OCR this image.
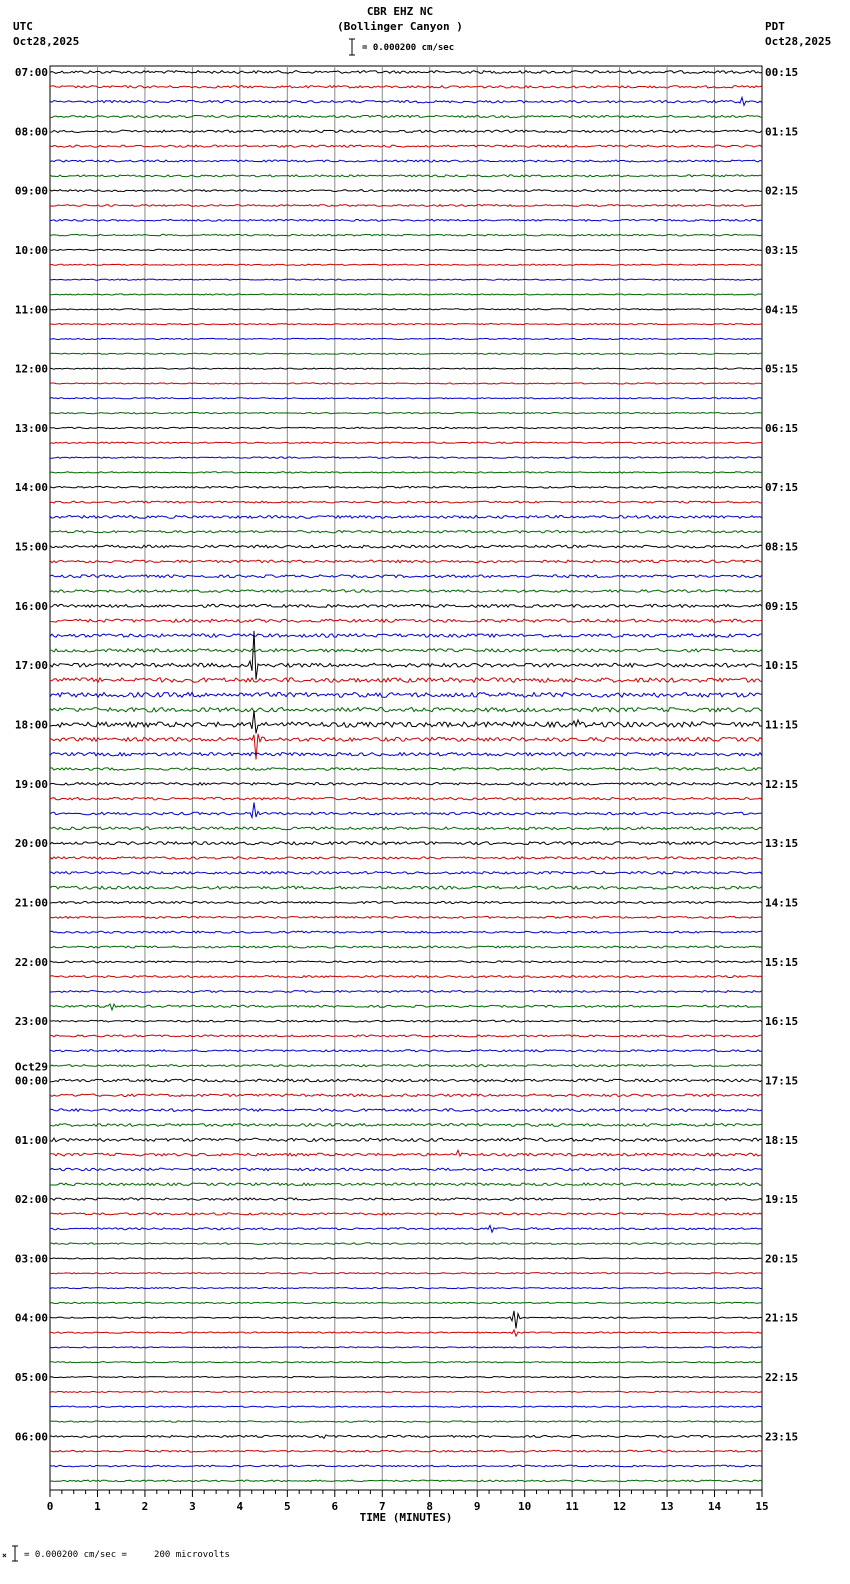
CBR EHZ NC
(Bollinger Canyon )
UTC
Oct28,2025
PDT
Oct28,2025
= 0.000200 cm/sec
0	1	2	3	4	5	6	7	8	9	10	11	12	13	14	15
TIME (MINUTES)
07:00
08:00
09:00
10:00
11:00
12:00
13:00
14:00
15:00
16:00
17:00
18:00
19:00
20:00
21:00
22:00
23:00
00:00
Oct29
01:00
02:00
03:00
04:00
05:00
06:00
00:15
01:15
02:15
03:15
04:15
05:15
06:15
07:15
08:15
09:15
10:15
11:15
12:15
13:15
14:15
15:15
16:15
17:15
18:15
19:15
20:15
21:15
22:15
23:15
× = 0.000200 cm/sec =     200 microvolts
